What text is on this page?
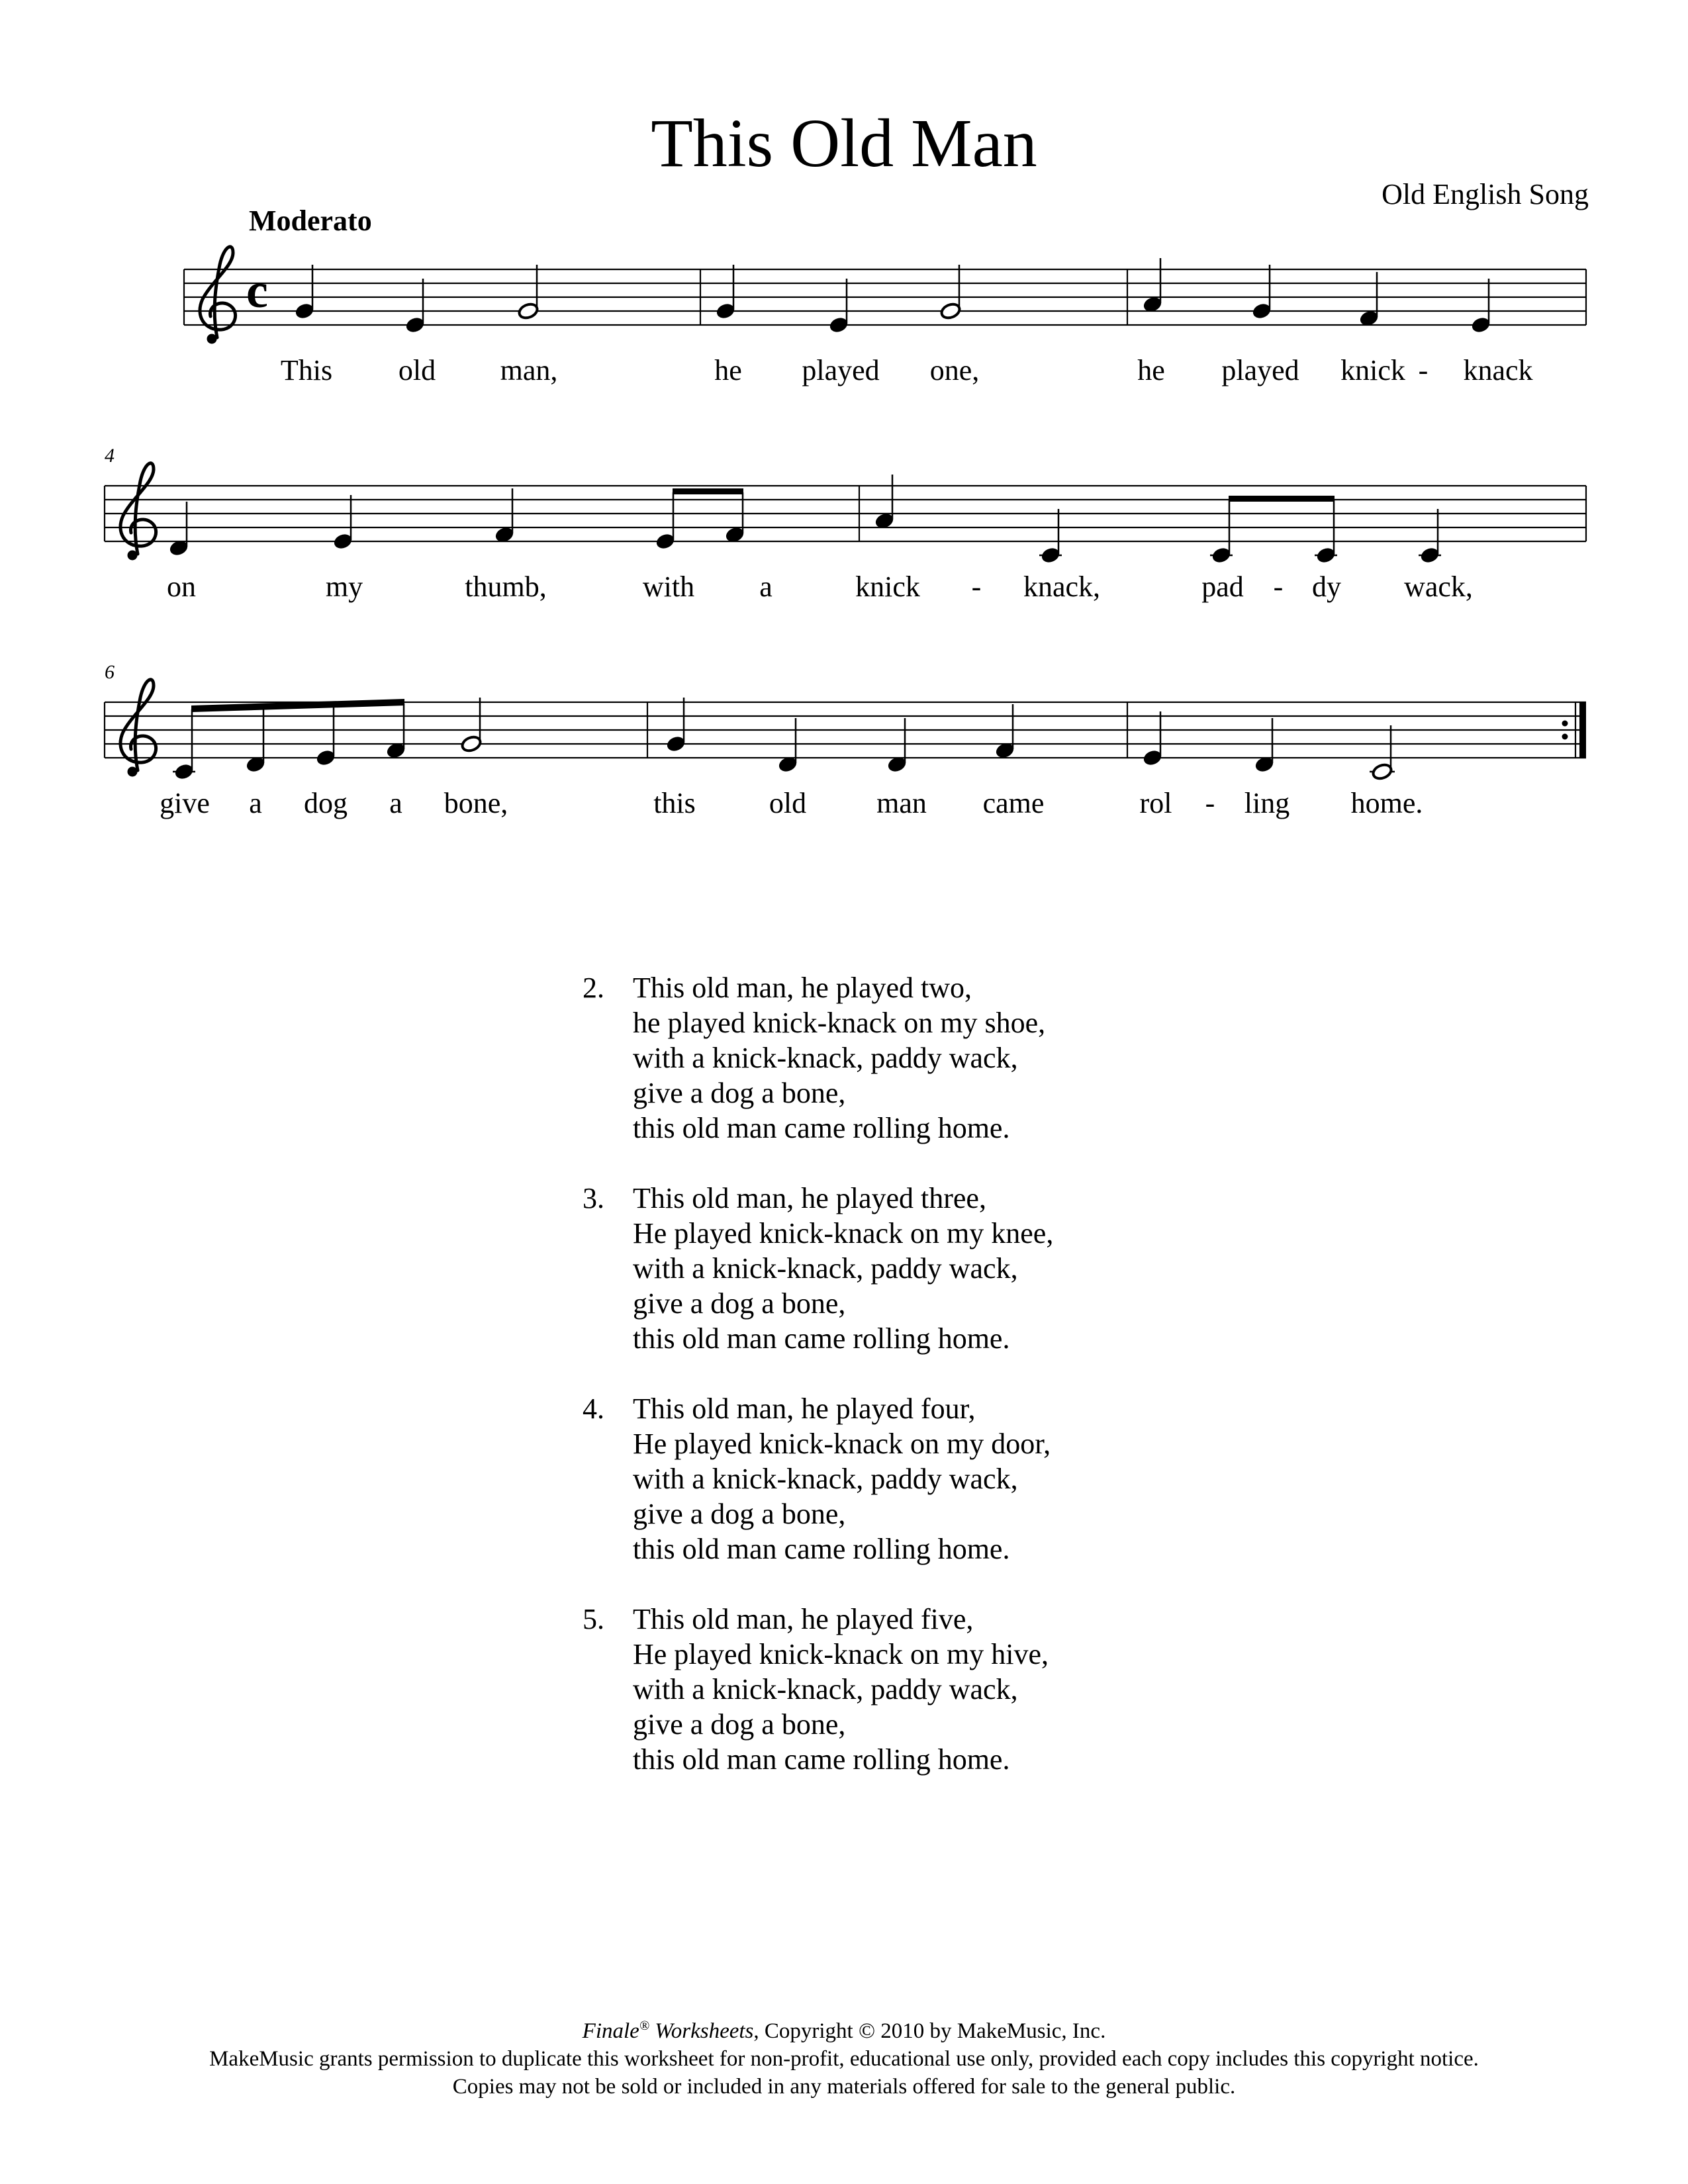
This Old Man
Old English Song
Moderato
c
This old man,	he played one,	he played knick - knack
4
on	my	thumb,	with a	knick - knack,	pad - dy wack,
6
give a dog a bone,	this	old man came	rol - ling home.
2. This old man, he played two,
he played knick-knack on my shoe,
with a knick-knack, paddy wack,
give a dog a bone,
this old man came rolling home.
3. This old man, he played three,
He played knick-knack on my knee,
with a knick-knack, paddy wack,
give a dog a bone,
this old man came rolling home.
4. This old man, he played four,
He played knick-knack on my door,
with a knick-knack, paddy wack,
give a dog a bone,
this old man came rolling home.
5. This old man, he played five,
He played knick-knack on my hive,
with a knick-knack, paddy wack,
give a dog a bone,
this old man came rolling home.
Finale® Worksheets, Copyright © 2010 by MakeMusic, Inc.
MakeMusic grants permission to duplicate this worksheet for non-profit, educational use only, provided each copy includes this copyright notice.
Copies may not be sold or included in any materials offered for sale to the general public.
